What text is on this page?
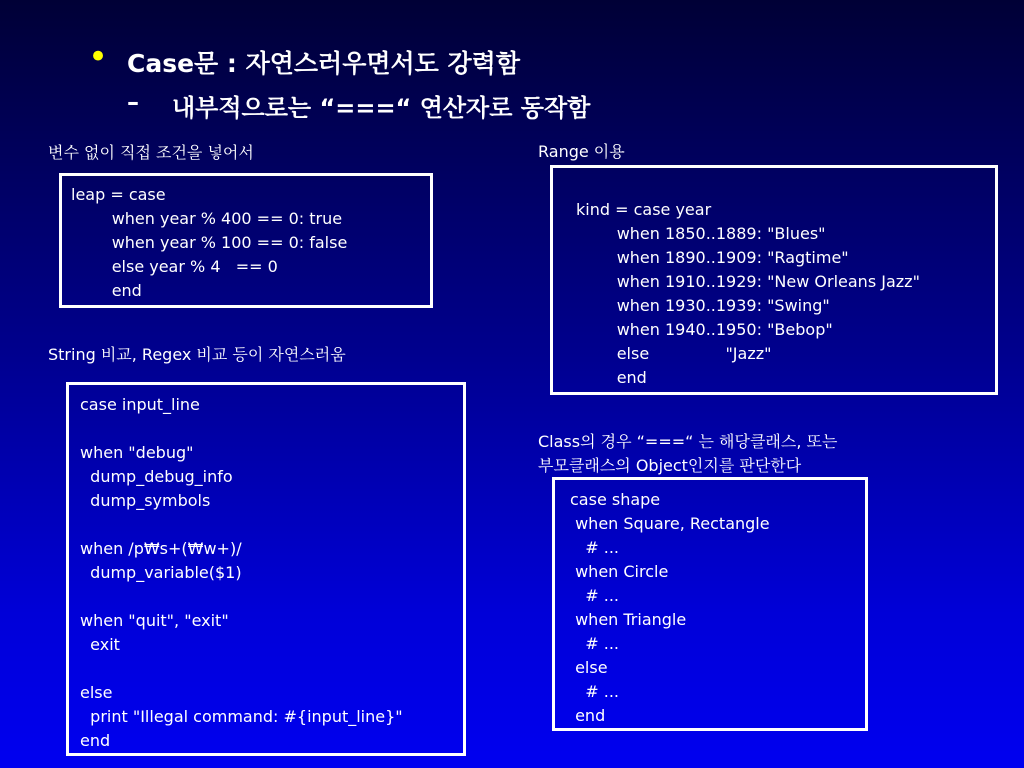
• Case문 : 자연스러우면서도 강력함
– 내부적으로는 “===“ 연산자로 동작함
변수 없이 직접 조건을 넣어서
leap = case
when year % 400 == 0: true
when year % 100 == 0: false
else year % 4   == 0
end
Range 이용
kind = case year
when 1850..1889: "Blues"
when 1890..1909: "Ragtime"
when 1910..1929: "New Orleans Jazz"
when 1930..1939: "Swing"
when 1940..1950: "Bebop"
else               "Jazz"
end
String 비교, Regex 비교 등이 자연스러움
case input_line

when "debug"
dump_debug_info
dump_symbols

when /p₩s+(₩w+)/
dump_variable($1)

when "quit", "exit"
exit

else
print "Illegal command: #{input_line}"
end
Class의 경우 “===“ 는 해당클래스, 또는
부모클래스의 Object인지를 판단한다
case shape
when Square, Rectangle
# ...
when Circle
# ...
when Triangle
# ...
else
# ...
end
